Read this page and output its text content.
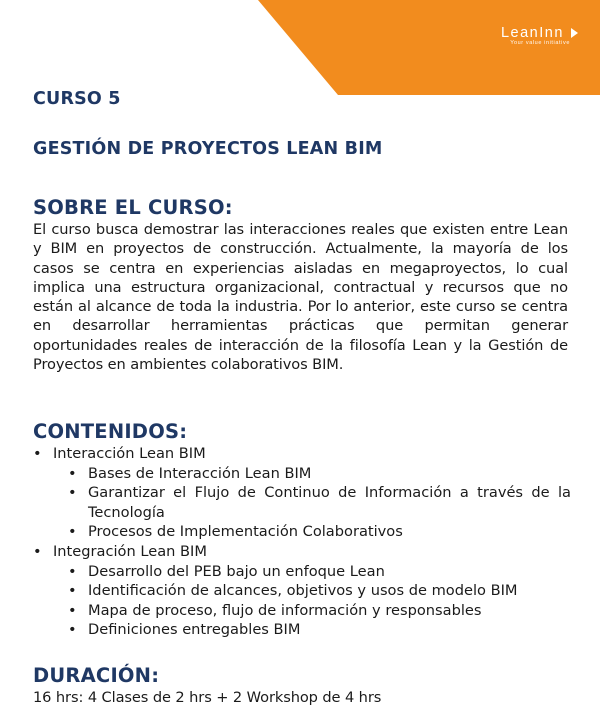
LeanInn
Your value initiative
CURSO 5
GESTIÓN DE PROYECTOS LEAN BIM
SOBRE EL CURSO:

El curso busca demostrar las interacciones reales que existen entre Lean y BIM en proyectos de construcción. Actualmente, la mayoría de los casos se centra en experiencias aisladas en megaproyectos, lo cual implica una estructura organizacional, contractual y recursos que no están al alcance de toda la industria. Por lo anterior, este curso se centra en desarrollar herramientas prácticas que permitan generar oportunidades reales de interacción de la filosofía Lean y la Gestión de Proyectos en ambientes colaborativos BIM.

CONTENIDOS:
• Interacción Lean BIM
• Bases de Interacción Lean BIM
• Garantizar el Flujo de Continuo de Información a través de la Tecnología
• Procesos de Implementación Colaborativos
• Integración Lean BIM
• Desarrollo del PEB bajo un enfoque Lean
• Identificación de alcances, objetivos y usos de modelo BIM
• Mapa de proceso, flujo de información y responsables
• Definiciones entregables BIM
DURACIÓN:

16 hrs: 4 Clases de 2 hrs + 2 Workshop de 4 hrs
